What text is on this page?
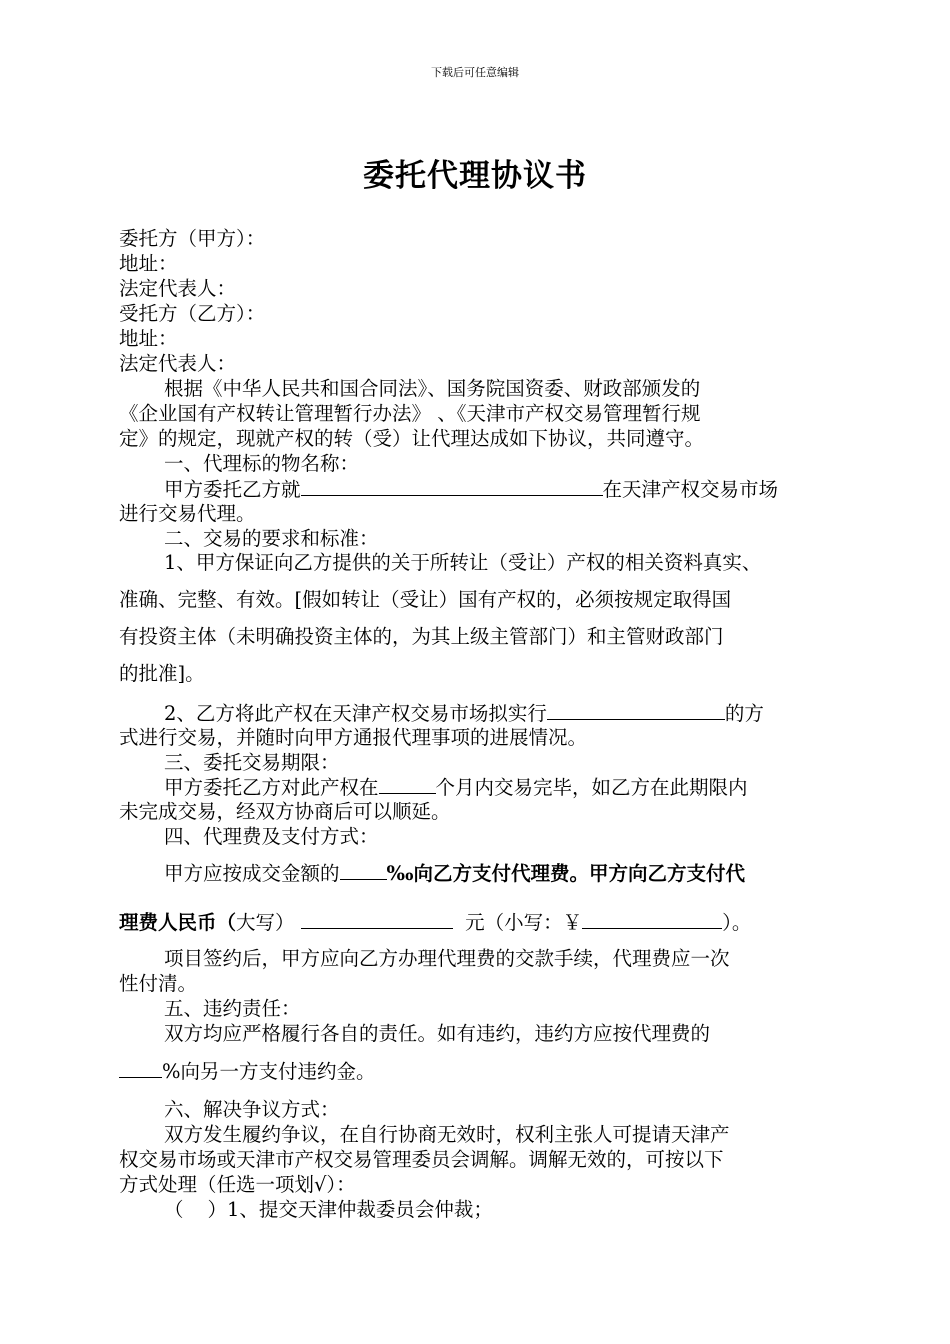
下载后可任意编辑
委托代理协议书
委托方（甲方）：
地址：
法定代表人：
受托方（乙方）：
地址：
法定代表人：
根据《中华人民共和国合同法》、国务院国资委、财政部颁发的
《企业国有产权转让管理暂行办法》 、《天津市产权交易管理暂行规
定》的规定，现就产权的转（受）让代理达成如下协议，共同遵守。
一、代理标的物名称：
甲方委托乙方就	在天津产权交易市场
进行交易代理。
二、交易的要求和标准：
1、甲方保证向乙方提供的关于所转让（受让）产权的相关资料真实、
准确、完整、有效。[假如转让（受让）国有产权的，必须按规定取得国
有投资主体（未明确投资主体的，为其上级主管部门）和主管财政部门
的批准]。
2、乙方将此产权在天津产权交易市场拟实行	的方
式进行交易，并随时向甲方通报代理事项的进展情况。
三、委托交易期限：
甲方委托乙方对此产权在	个月内交易完毕，如乙方在此期限内
未完成交易，经双方协商后可以顺延。
四、代理费及支付方式：
甲方应按成交金额的 ‰向乙方支付代理费。甲方向乙方支付代
理费人民币（大写）	元（小写：￥	）。
项目签约后，甲方应向乙方办理代理费的交款手续，代理费应一次
性付清。
五、违约责任：
双方均应严格履行各自的责任。如有违约，违约方应按代理费的
%向另一方支付违约金。
六、解决争议方式：
双方发生履约争议，在自行协商无效时，权利主张人可提请天津产
权交易市场或天津市产权交易管理委员会调解。调解无效的，可按以下
方式处理（任选一项划√）：
（ ）1、提交天津仲裁委员会仲裁；
